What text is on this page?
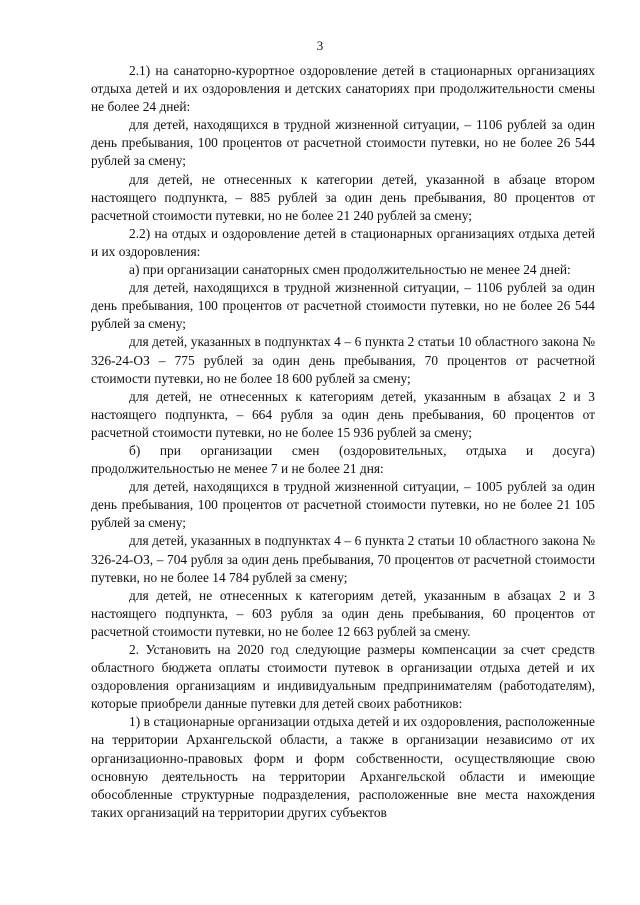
3

2.1) на санаторно-курортное оздоровление детей в стационарных организациях отдыха детей и их оздоровления и детских санаториях при продолжительности смены не более 24 дней:

для детей, находящихся в трудной жизненной ситуации, – 1106 рублей за один день пребывания, 100 процентов от расчетной стоимости путевки, но не более 26 544 рублей за смену;

для детей, не отнесенных к категории детей, указанной в абзаце втором настоящего подпункта, – 885 рублей за один день пребывания, 80 процентов от расчетной стоимости путевки, но не более 21 240 рублей за смену;

2.2) на отдых и оздоровление детей в стационарных организациях отдыха детей и их оздоровления:

а) при организации санаторных смен продолжительностью не менее 24 дней:

для детей, находящихся в трудной жизненной ситуации, – 1106 рублей за один день пребывания, 100 процентов от расчетной стоимости путевки, но не более 26 544 рублей за смену;

для детей, указанных в подпунктах 4 – 6 пункта 2 статьи 10 областного закона № 326-24-ОЗ – 775 рублей за один день пребывания, 70 процентов от расчетной стоимости путевки, но не более 18 600 рублей за смену;

для детей, не отнесенных к категориям детей, указанным в абзацах 2 и 3 настоящего подпункта, – 664 рубля за один день пребывания, 60 процентов от расчетной стоимости путевки, но не более 15 936 рублей за смену;

б) при организации смен (оздоровительных, отдыха и досуга) продолжительностью не менее 7 и не более 21 дня:

для детей, находящихся в трудной жизненной ситуации, – 1005 рублей за один день пребывания, 100 процентов от расчетной стоимости путевки, но не более 21 105 рублей за смену;

для детей, указанных в подпунктах 4 – 6 пункта 2 статьи 10 областного закона № 326-24-ОЗ, – 704 рубля за один день пребывания, 70 процентов от расчетной стоимости путевки, но не более 14 784 рублей за смену;

для детей, не отнесенных к категориям детей, указанным в абзацах 2 и 3 настоящего подпункта, – 603 рубля за один день пребывания, 60 процентов от расчетной стоимости путевки, но не более 12 663 рублей за смену.

2. Установить на 2020 год следующие размеры компенсации за счет средств областного бюджета оплаты стоимости путевок в организации отдыха детей и их оздоровления организациям и индивидуальным предпринимателям (работодателям), которые приобрели данные путевки для детей своих работников:

1) в стационарные организации отдыха детей и их оздоровления, расположенные на территории Архангельской области, а также в организации независимо от их организационно-правовых форм и форм собственности, осуществляющие свою основную деятельность на территории Архангельской области и имеющие обособленные структурные подразделения, расположенные вне места нахождения таких организаций на территории других субъектов
